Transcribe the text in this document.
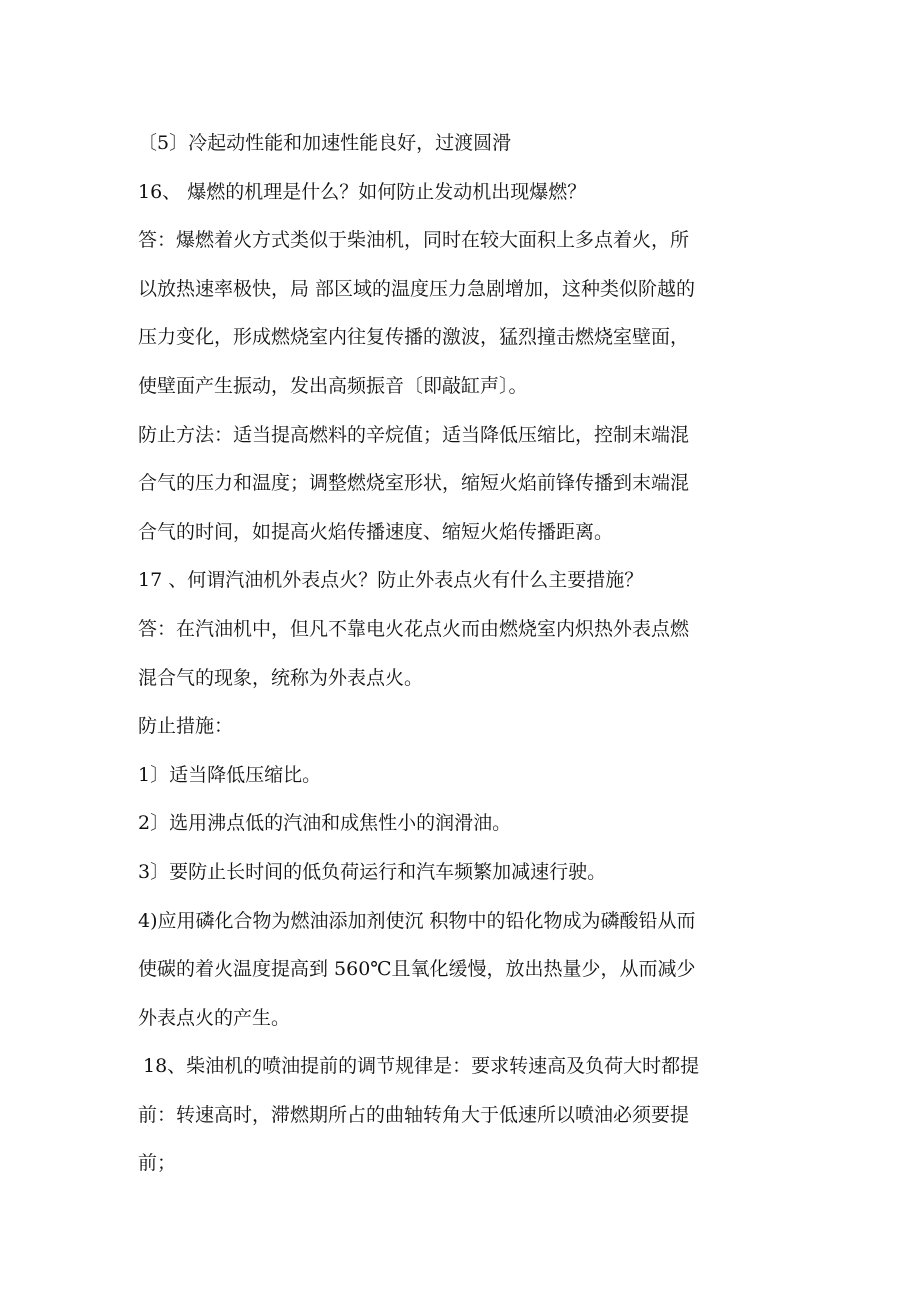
〔5〕冷起动性能和加速性能良好，过渡圆滑
16、 爆燃的机理是什么？如何防止发动机出现爆燃？
答：爆燃着火方式类似于柴油机，同时在较大面积上多点着火，所
以放热速率极快，局 部区域的温度压力急剧增加，这种类似阶越的
压力变化，形成燃烧室内往复传播的激波，猛烈撞击燃烧室壁面，
使壁面产生振动，发出高频振音〔即敲缸声〕。
防止方法：适当提高燃料的辛烷值；适当降低压缩比，控制末端混
合气的压力和温度；调整燃烧室形状，缩短火焰前锋传播到末端混
合气的时间，如提高火焰传播速度、缩短火焰传播距离。
17 、何谓汽油机外表点火？防止外表点火有什么主要措施？
答：在汽油机中，但凡不靠电火花点火而由燃烧室内炽热外表点燃
混合气的现象，统称为外表点火。
防止措施：
1〕适当降低压缩比。
2〕选用沸点低的汽油和成焦性小的润滑油。
3〕要防止长时间的低负荷运行和汽车频繁加减速行驶。
4)应用磷化合物为燃油添加剂使沉 积物中的铅化物成为磷酸铅从而
使碳的着火温度提高到 560℃且氧化缓慢，放出热量少，从而减少
外表点火的产生。
18、柴油机的喷油提前的调节规律是：要求转速高及负荷大时都提
前：转速高时，滞燃期所占的曲轴转角大于低速所以喷油必须要提
前；
